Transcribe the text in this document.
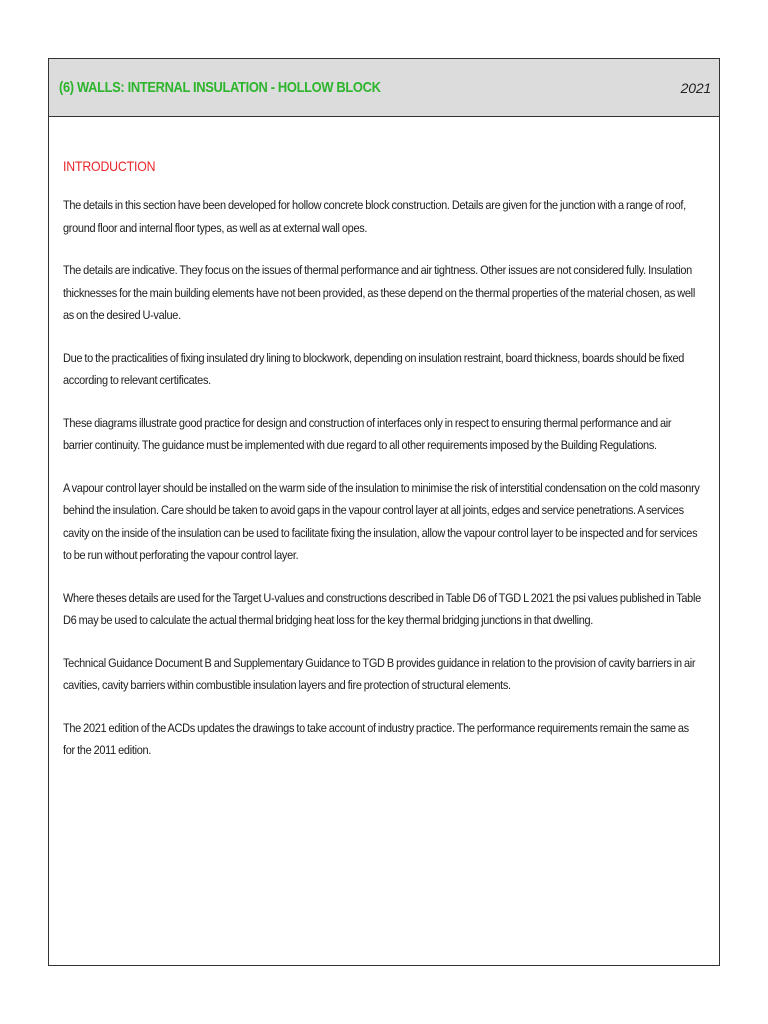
(6) WALLS: INTERNAL INSULATION - HOLLOW BLOCK	2021
INTRODUCTION

The details in this section have been developed for hollow concrete block construction. Details are given for the junction with a range of roof, ground floor and internal floor types, as well as at external wall opes.

The details are indicative. They focus on the issues of thermal performance and air tightness. Other issues are not considered fully. Insulation thicknesses for the main building elements have not been provided, as these depend on the thermal properties of the material chosen, as well as on the desired U-value.

Due to the practicalities of fixing insulated dry lining to blockwork, depending on insulation restraint, board thickness, boards should be fixed according to relevant certificates.

These diagrams illustrate good practice for design and construction of interfaces only in respect to ensuring thermal performance and air barrier continuity. The guidance must be implemented with due regard to all other requirements imposed by the Building Regulations.

A vapour control layer should be installed on the warm side of the insulation to minimise the risk of interstitial condensation on the cold masonry behind the insulation. Care should be taken to avoid gaps in the vapour control layer at all joints, edges and service penetrations. A services cavity on the inside of the insulation can be used to facilitate fixing the insulation, allow the vapour control layer to be inspected and for services to be run without perforating the vapour control layer.

Where theses details are used for the Target U-values and constructions described in Table D6 of TGD L 2021 the psi values published in Table D6 may be used to calculate the actual thermal bridging heat loss for the key thermal bridging junctions in that dwelling.

Technical Guidance Document B and Supplementary Guidance to TGD B provides guidance in relation to the provision of cavity barriers in air cavities, cavity barriers within combustible insulation layers and fire protection of structural elements.

The 2021 edition of the ACDs updates the drawings to take account of industry practice. The performance requirements remain the same as for the 2011 edition.
